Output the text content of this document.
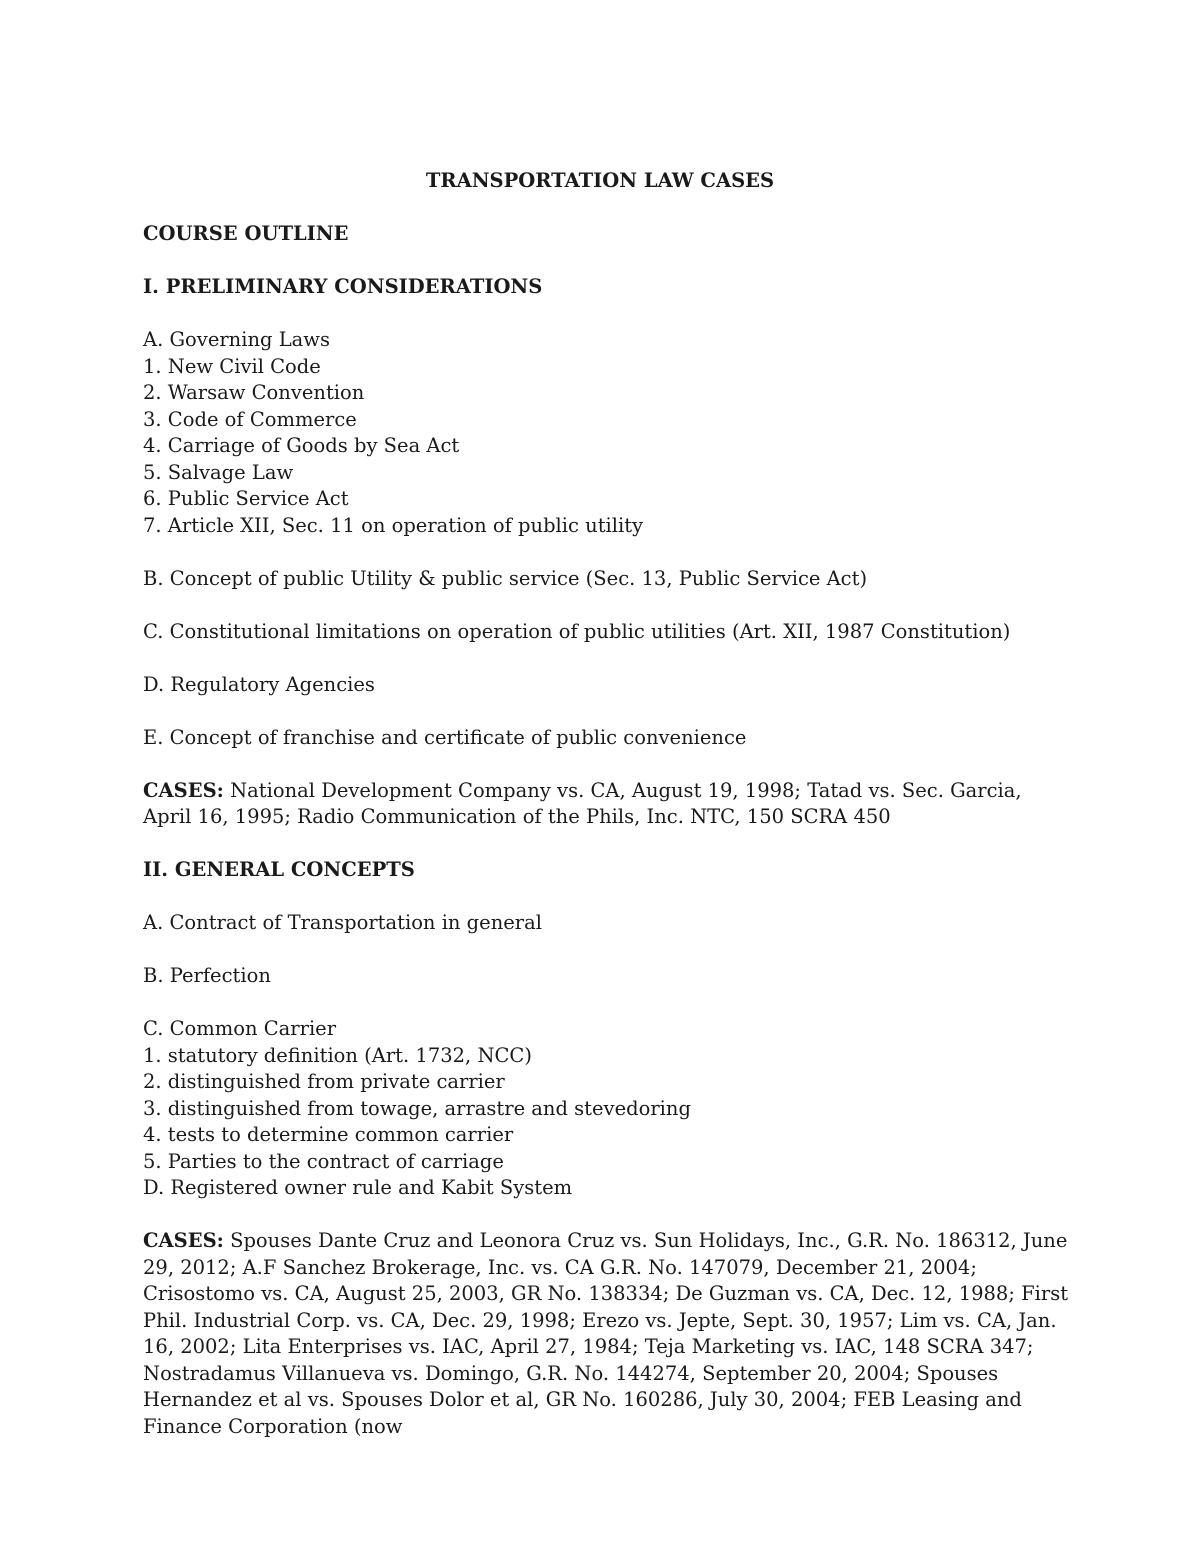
TRANSPORTATION LAW CASES
COURSE OUTLINE
I. PRELIMINARY CONSIDERATIONS
A. Governing Laws
1. New Civil Code
2. Warsaw Convention
3. Code of Commerce
4. Carriage of Goods by Sea Act
5. Salvage Law
6. Public Service Act
7. Article XII, Sec. 11 on operation of public utility
B. Concept of public Utility & public service (Sec. 13, Public Service Act)
C. Constitutional limitations on operation of public utilities (Art. XII, 1987 Constitution)
D. Regulatory Agencies
E. Concept of franchise and certificate of public convenience
CASES: National Development Company vs. CA, August 19, 1998; Tatad vs. Sec. Garcia, April 16, 1995; Radio Communication of the Phils, Inc. NTC, 150 SCRA 450
II. GENERAL CONCEPTS
A. Contract of Transportation in general
B. Perfection
C. Common Carrier
1. statutory definition (Art. 1732, NCC)
2. distinguished from private carrier
3. distinguished from towage, arrastre and stevedoring
4. tests to determine common carrier
5. Parties to the contract of carriage
D. Registered owner rule and Kabit System
CASES: Spouses Dante Cruz and Leonora Cruz vs. Sun Holidays, Inc., G.R. No. 186312, June 29, 2012; A.F Sanchez Brokerage, Inc. vs. CA G.R. No. 147079, December 21, 2004; Crisostomo vs. CA, August 25, 2003, GR No. 138334; De Guzman vs. CA, Dec. 12, 1988; First Phil. Industrial Corp. vs. CA, Dec. 29, 1998; Erezo vs. Jepte, Sept. 30, 1957; Lim vs. CA, Jan. 16, 2002; Lita Enterprises vs. IAC, April 27, 1984; Teja Marketing vs. IAC, 148 SCRA 347; Nostradamus Villanueva vs. Domingo, G.R. No. 144274, September 20, 2004; Spouses Hernandez et al vs. Spouses Dolor et al, GR No. 160286, July 30, 2004; FEB Leasing and Finance Corporation (now
